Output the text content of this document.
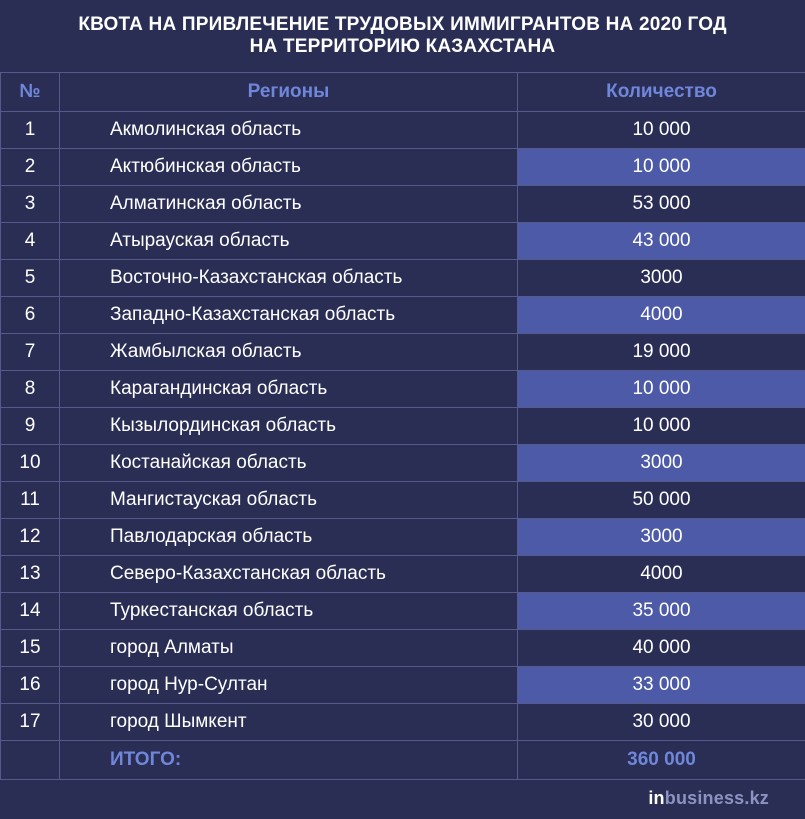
КВОТА НА ПРИВЛЕЧЕНИЕ ТРУДОВЫХ ИММИГРАНТОВ НА 2020 ГОД
НА ТЕРРИТОРИЮ КАЗАХСТАНА
№	Регионы	Количество
1	Акмолинская область	10 000
2	Актюбинская область	10 000
3	Алматинская область	53 000
4	Атырауская область	43 000
5	Восточно-Казахстанская область	3000
6	Западно-Казахстанская область	4000
7	Жамбылская область	19 000
8	Карагандинская область	10 000
9	Кызылординская область	10 000
10	Костанайская область	3000
11	Мангистауская область	50 000
12	Павлодарская область	3000
13	Северо-Казахстанская область	4000
14	Туркестанская область	35 000
15	город Алматы	40 000
16	город Нур-Султан	33 000
17	город Шымкент	30 000
	ИТОГО:	360 000
inbusiness.kz
